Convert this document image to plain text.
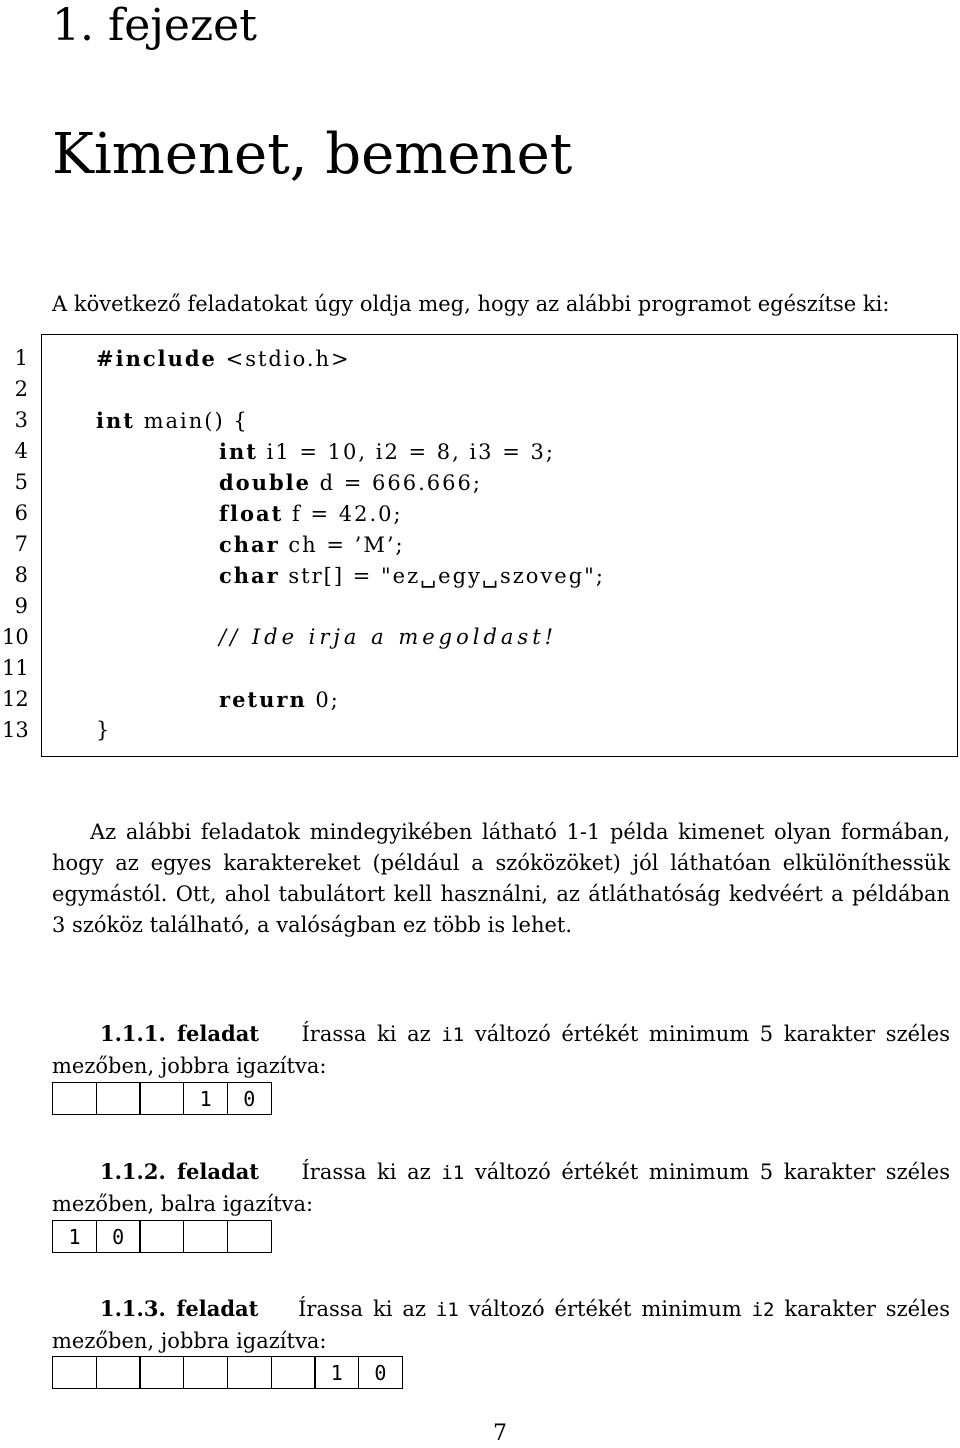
1. fejezet
Kimenet, bemenet
A következő feladatokat úgy oldja meg, hogy az alábbi programot egészítse ki:
1
2
3
4
5
6
7
8
9
10
11
12
13
#include <stdio.h>
int main() {
int i1 = 10, i2 = 8, i3 = 3;
double d = 666.666;
float f = 42.0;
char ch = ’M’;
char str[] = "ez␣egy␣szoveg";
// Ide irja a megoldast!
return 0;
}

Az alábbi feladatok mindegyikében látható 1-1 példa kimenet olyan formában, hogy az egyes karaktereket (például a szóközöket) jól láthatóan elkülöníthessük egymástól. Ott, ahol tabulátort kell használni, az átláthatóság kedvéért a példában 3 szóköz található, a valóságban ez több is lehet.

1.1.1. feladat Írassa ki az i1 változó értékét minimum 5 karakter széles mezőben, jobbra igazítva:
1	0
1.1.2. feladat Írassa ki az i1 változó értékét minimum 5 karakter széles mezőben, balra igazítva:
1	0
1.1.3. feladat Írassa ki az i1 változó értékét minimum i2 karakter széles mezőben, jobbra igazítva:
1	0
7
